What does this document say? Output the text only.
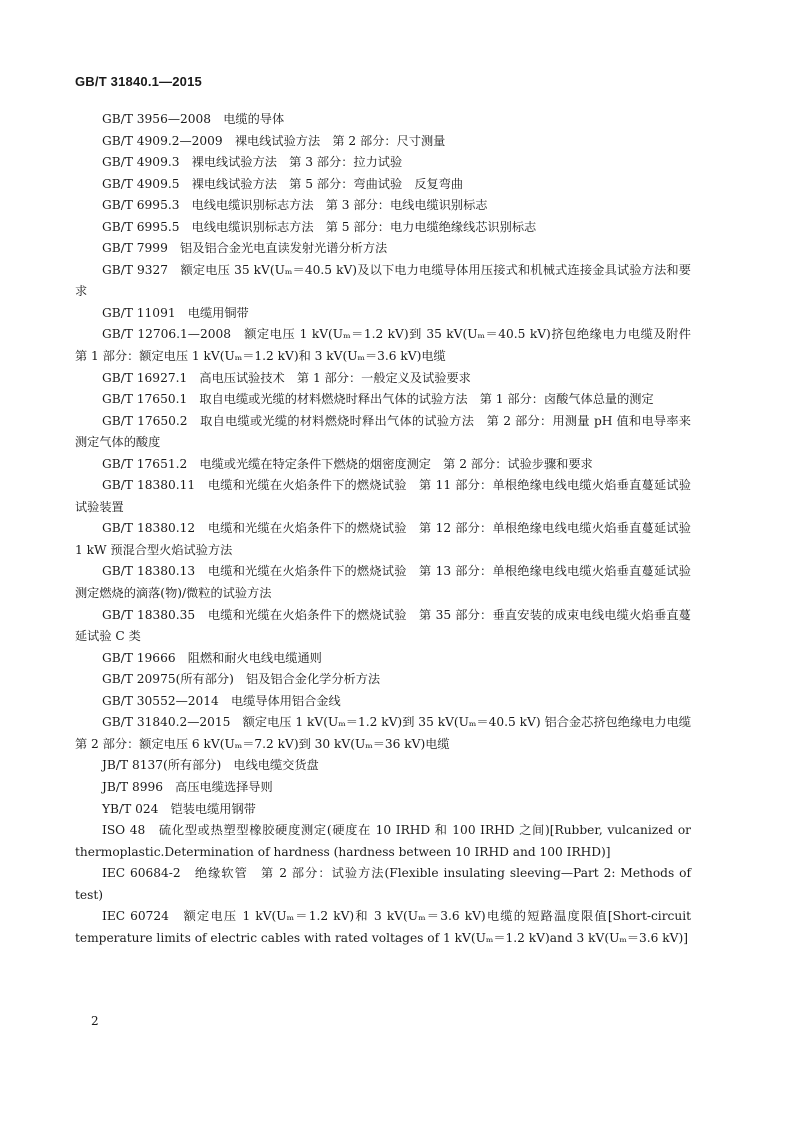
GB/T 31840.1—2015
GB/T 3956—2008　电缆的导体
GB/T 4909.2—2009　裸电线试验方法　第 2 部分：尺寸测量
GB/T 4909.3　裸电线试验方法　第 3 部分：拉力试验
GB/T 4909.5　裸电线试验方法　第 5 部分：弯曲试验　反复弯曲
GB/T 6995.3　电线电缆识别标志方法　第 3 部分：电线电缆识别标志
GB/T 6995.5　电线电缆识别标志方法　第 5 部分：电力电缆绝缘线芯识别标志
GB/T 7999　铝及铝合金光电直读发射光谱分析方法
GB/T 9327　额定电压 35 kV(Uₘ＝40.5 kV)及以下电力电缆导体用压接式和机械式连接金具试验方法和要求
GB/T 11091　电缆用铜带
GB/T 12706.1—2008　额定电压 1 kV(Uₘ＝1.2 kV)到 35 kV(Uₘ＝40.5 kV)挤包绝缘电力电缆及附件　第 1 部分：额定电压 1 kV(Uₘ＝1.2 kV)和 3 kV(Uₘ＝3.6 kV)电缆
GB/T 16927.1　高电压试验技术　第 1 部分：一般定义及试验要求
GB/T 17650.1　取自电缆或光缆的材料燃烧时释出气体的试验方法　第 1 部分：卤酸气体总量的测定
GB/T 17650.2　取自电缆或光缆的材料燃烧时释出气体的试验方法　第 2 部分：用测量 pH 值和电导率来测定气体的酸度
GB/T 17651.2　电缆或光缆在特定条件下燃烧的烟密度测定　第 2 部分：试验步骤和要求
GB/T 18380.11　电缆和光缆在火焰条件下的燃烧试验　第 11 部分：单根绝缘电线电缆火焰垂直蔓延试验　试验装置
GB/T 18380.12　电缆和光缆在火焰条件下的燃烧试验　第 12 部分：单根绝缘电线电缆火焰垂直蔓延试验 1 kW 预混合型火焰试验方法
GB/T 18380.13　电缆和光缆在火焰条件下的燃烧试验　第 13 部分：单根绝缘电线电缆火焰垂直蔓延试验测定燃烧的滴落(物)/微粒的试验方法
GB/T 18380.35　电缆和光缆在火焰条件下的燃烧试验　第 35 部分：垂直安装的成束电线电缆火焰垂直蔓延试验 C 类
GB/T 19666　阻燃和耐火电线电缆通则
GB/T 20975(所有部分)　铝及铝合金化学分析方法
GB/T 30552—2014　电缆导体用铝合金线
GB/T 31840.2—2015　额定电压 1 kV(Uₘ＝1.2 kV)到 35 kV(Uₘ＝40.5 kV) 铝合金芯挤包绝缘电力电缆　第 2 部分：额定电压 6 kV(Uₘ＝7.2 kV)到 30 kV(Uₘ＝36 kV)电缆
JB/T 8137(所有部分)　电线电缆交货盘
JB/T 8996　高压电缆选择导则
YB/T 024　铠装电缆用钢带
ISO 48　硫化型或热塑型橡胶硬度测定(硬度在 10 IRHD 和 100 IRHD 之间)[Rubber, vulcanized or thermoplastic.Determination of hardness (hardness between 10 IRHD and 100 IRHD)]
IEC 60684-2　绝缘软管　第 2 部分：试验方法(Flexible insulating sleeving—Part 2: Methods of test)
IEC 60724　额定电压 1 kV(Uₘ＝1.2 kV)和 3 kV(Uₘ＝3.6 kV)电缆的短路温度限值[Short-circuit temperature limits of electric cables with rated voltages of 1 kV(Uₘ＝1.2 kV)and 3 kV(Uₘ＝3.6 kV)]
2
